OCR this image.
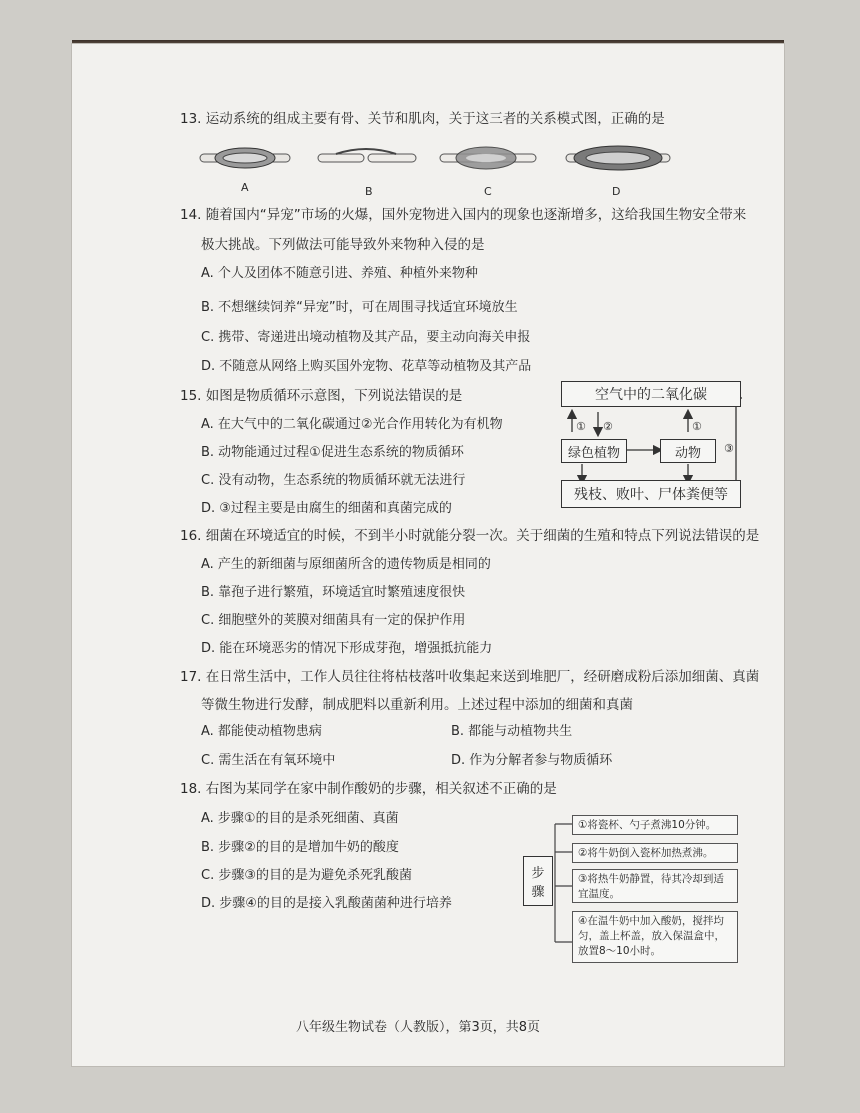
13. 运动系统的组成主要有骨、关节和肌肉，关于这三者的关系模式图，正确的是
A	B	C	D
14. 随着国内“异宠”市场的火爆，国外宠物进入国内的现象也逐渐增多，这给我国生物安全带来
极大挑战。下列做法可能导致外来物种入侵的是
A. 个人及团体不随意引进、养殖、种植外来物种
B. 不想继续饲养“异宠”时，可在周围寻找适宜环境放生
C. 携带、寄递进出境动植物及其产品，要主动向海关申报
D. 不随意从网络上购买国外宠物、花草等动植物及其产品
15. 如图是物质循环示意图，下列说法错误的是
A. 在大气中的二氧化碳通过②光合作用转化为有机物
B. 动物能通过过程①促进生态系统的物质循环
C. 没有动物，生态系统的物质循环就无法进行
D. ③过程主要是由腐生的细菌和真菌完成的
空气中的二氧化碳
绿色植物	动物
残枝、败叶、尸体粪便等
① ②	①
③
16. 细菌在环境适宜的时候，不到半小时就能分裂一次。关于细菌的生殖和特点下列说法错误的是
A. 产生的新细菌与原细菌所含的遗传物质是相同的
B. 靠孢子进行繁殖，环境适宜时繁殖速度很快
C. 细胞壁外的荚膜对细菌具有一定的保护作用
D. 能在环境恶劣的情况下形成芽孢，增强抵抗能力
17. 在日常生活中，工作人员往往将枯枝落叶收集起来送到堆肥厂，经研磨成粉后添加细菌、真菌
等微生物进行发酵，制成肥料以重新利用。上述过程中添加的细菌和真菌
A. 都能使动植物患病	B. 都能与动植物共生
C. 需生活在有氧环境中	D. 作为分解者参与物质循环
18. 右图为某同学在家中制作酸奶的步骤，相关叙述不正确的是
A. 步骤①的目的是杀死细菌、真菌
B. 步骤②的目的是增加牛奶的酸度
C. 步骤③的目的是为避免杀死乳酸菌
D. 步骤④的目的是接入乳酸菌菌种进行培养
步
骤
①将瓷杯、勺子煮沸10分钟。
②将牛奶倒入瓷杯加热煮沸。
③将热牛奶静置，待其冷却到适宜温度。
④在温牛奶中加入酸奶，搅拌均匀，盖上杯盖，放入保温盒中，放置8～10小时。
八年级生物试卷（人教版），第3页，共8页
